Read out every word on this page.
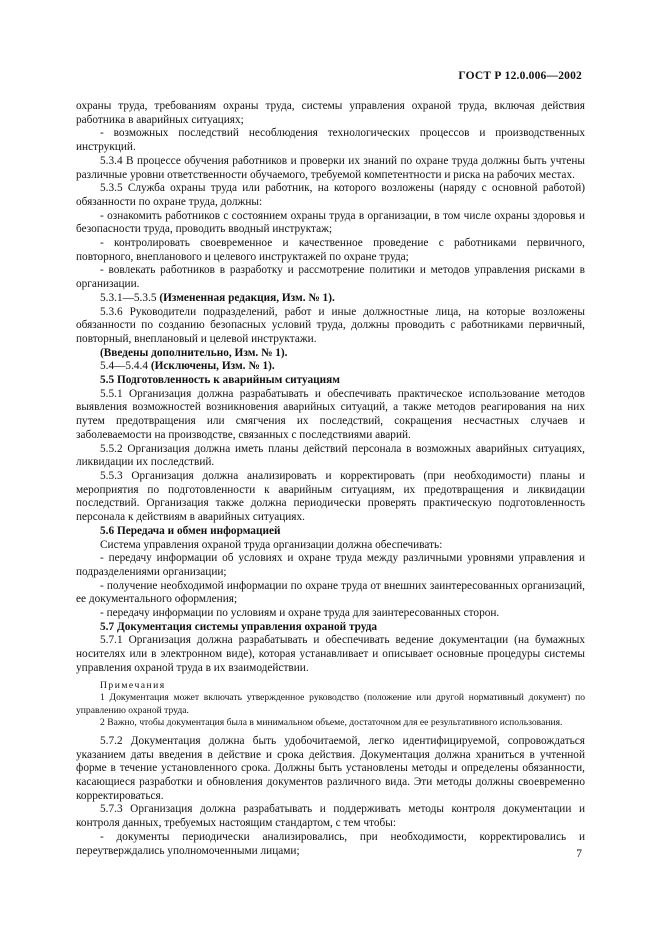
ГОСТ Р 12.0.006—2002

охраны труда, требованиям охраны труда, системы управления охраной труда, включая действия работника в аварийных ситуациях;

- возможных последствий несоблюдения технологических процессов и производственных инструкций.

5.3.4 В процессе обучения работников и проверки их знаний по охране труда должны быть учтены различные уровни ответственности обучаемого, требуемой компетентности и риска на рабочих местах.

5.3.5 Служба охраны труда или работник, на которого возложены (наряду с основной работой) обязанности по охране труда, должны:

- ознакомить работников с состоянием охраны труда в организации, в том числе охраны здоровья и безопасности труда, проводить вводный инструктаж;

- контролировать своевременное и качественное проведение с работниками первичного, повторного, внепланового и целевого инструктажей по охране труда;

- вовлекать работников в разработку и рассмотрение политики и методов управления рисками в организации.

5.3.1—5.3.5 (Измененная редакция, Изм. № 1).

5.3.6 Руководители подразделений, работ и иные должностные лица, на которые возложены обязанности по созданию безопасных условий труда, должны проводить с работниками первичный, повторный, внеплановый и целевой инструктажи.

(Введены дополнительно, Изм. № 1).

5.4—5.4.4 (Исключены, Изм. № 1).

5.5 Подготовленность к аварийным ситуациям

5.5.1 Организация должна разрабатывать и обеспечивать практическое использование методов выявления возможностей возникновения аварийных ситуаций, а также методов реагирования на них путем предотвращения или смягчения их последствий, сокращения несчастных случаев и заболеваемости на производстве, связанных с последствиями аварий.

5.5.2 Организация должна иметь планы действий персонала в возможных аварийных ситуациях, ликвидации их последствий.

5.5.3 Организация должна анализировать и корректировать (при необходимости) планы и мероприятия по подготовленности к аварийным ситуациям, их предотвращения и ликвидации последствий. Организация также должна периодически проверять практическую подготовленность персонала к действиям в аварийных ситуациях.

5.6 Передача и обмен информацией

Система управления охраной труда организации должна обеспечивать:

- передачу информации об условиях и охране труда между различными уровнями управления и подразделениями организации;

- получение необходимой информации по охране труда от внешних заинтересованных организаций, ее документального оформления;

- передачу информации по условиям и охране труда для заинтересованных сторон.

5.7 Документация системы управления охраной труда

5.7.1 Организация должна разрабатывать и обеспечивать ведение документации (на бумажных носителях или в электронном виде), которая устанавливает и описывает основные процедуры системы управления охраной труда в их взаимодействии.

Примечания

1 Документация может включать утвержденное руководство (положение или другой нормативный документ) по управлению охраной труда.

2 Важно, чтобы документация была в минимальном объеме, достаточном для ее результативного использования.

5.7.2 Документация должна быть удобочитаемой, легко идентифицируемой, сопровождаться указанием даты введения в действие и срока действия. Документация должна храниться в учтенной форме в течение установленного срока. Должны быть установлены методы и определены обязанности, касающиеся разработки и обновления документов различного вида. Эти методы должны своевременно корректироваться.

5.7.3 Организация должна разрабатывать и поддерживать методы контроля документации и контроля данных, требуемых настоящим стандартом, с тем чтобы:

- документы периодически анализировались, при необходимости, корректировались и переутверждались уполномоченными лицами;	7
